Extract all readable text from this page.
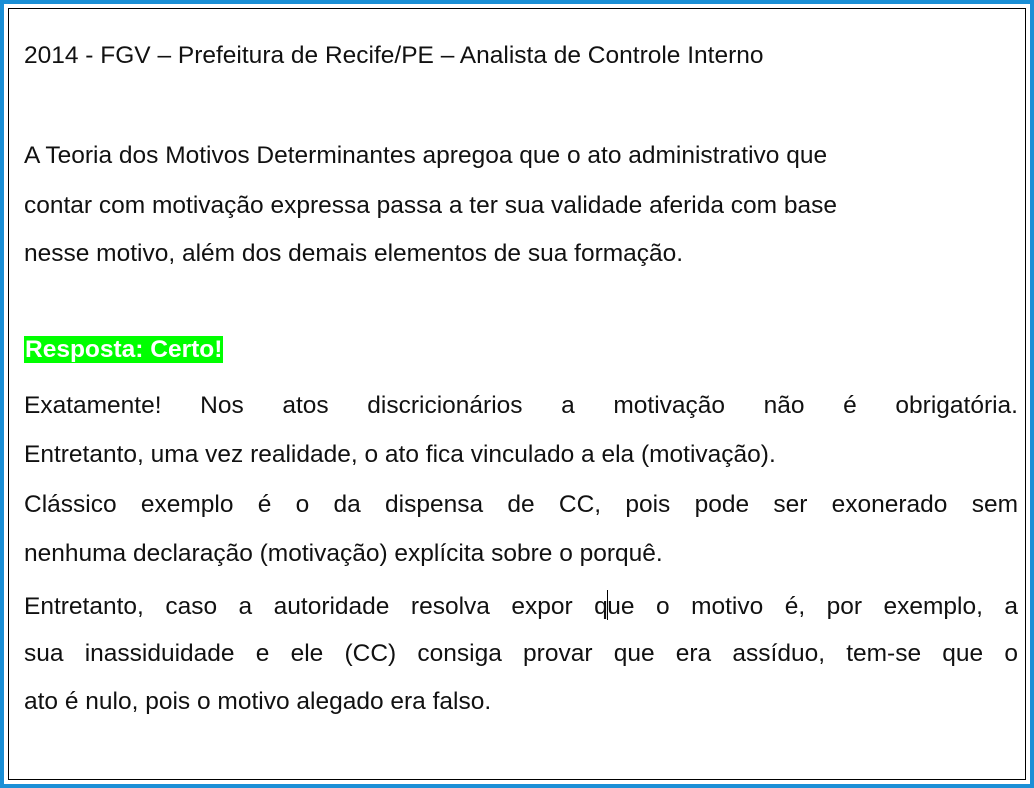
2014 - FGV – Prefeitura de Recife/PE – Analista de Controle Interno
A Teoria dos Motivos Determinantes apregoa que o ato administrativo que
contar com motivação expressa passa a ter sua validade aferida com base
nesse motivo, além dos demais elementos de sua formação.
Resposta: Certo!
Exatamente! Nos atos discricionários a motivação não é obrigatória.
Entretanto, uma vez realidade, o ato fica vinculado a ela (motivação).
Clássico exemplo é o da dispensa de CC, pois pode ser exonerado sem
nenhuma declaração (motivação) explícita sobre o porquê.
Entretanto, caso a autoridade resolva expor que o motivo é, por exemplo, a
sua inassiduidade e ele (CC) consiga provar que era assíduo, tem-se que o
ato é nulo, pois o motivo alegado era falso.
